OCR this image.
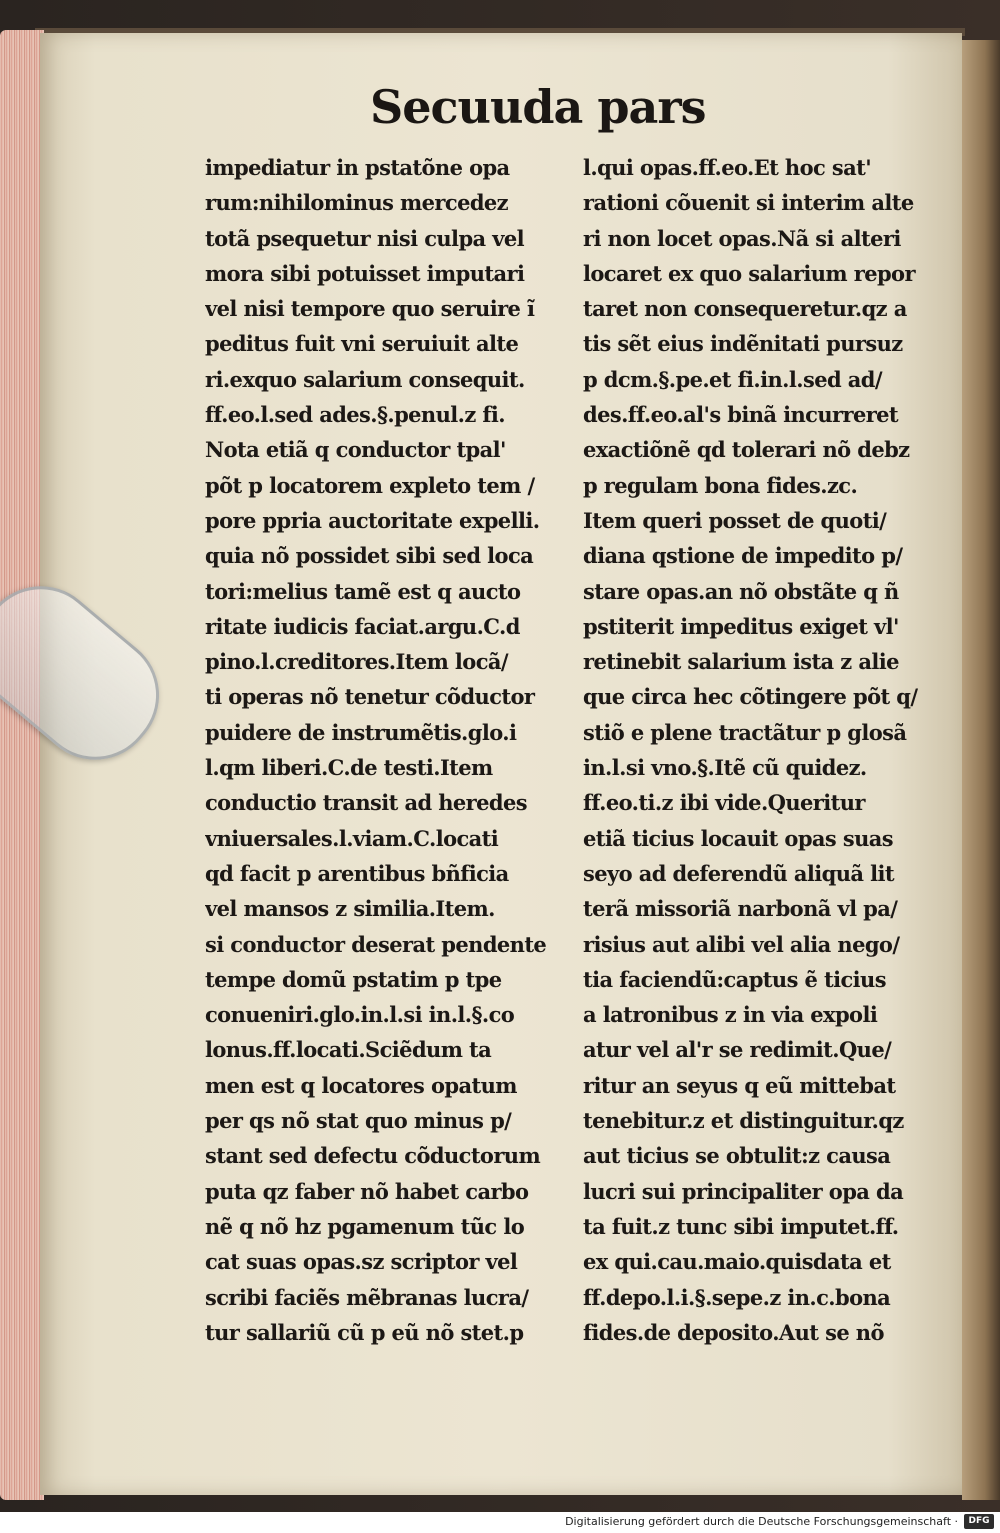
Secuuda pars
impediatur in pstatõne opa
rum:nihilominus mercedez
totã psequetur nisi culpa vel
mora sibi potuisset imputari
vel nisi tempore quo seruire ĩ
peditus fuit vni seruiuit alte
ri.exquo salarium consequit.
ff.eo.l.sed ades.§.penul.z fi.
Nota etiã q conductor tpal'
põt p locatorem expleto tem /
pore ppria auctoritate expelli.
quia nõ possidet sibi sed loca
tori:melius tamẽ est q aucto
ritate iudicis faciat.argu.C.d
pino.l.creditores.Item locã/
ti operas nõ tenetur cõductor
puidere de instrumẽtis.glo.i
l.qm liberi.C.de testi.Item
conductio transit ad heredes
vniuersales.l.viam.C.locati
qd facit p arentibus bñficia
vel mansos z similia.Item.
si conductor deserat pendente
tempe domũ pstatim p tpe
conueniri.glo.in.l.si in.l.§.co
lonus.ff.locati.Sciẽdum ta
men est q locatores opatum
per qs nõ stat quo minus p/
stant sed defectu cõductorum
puta qz faber nõ habet carbo
nẽ q nõ hz pgamenum tũc lo
cat suas opas.sz scriptor vel
scribi faciẽs mẽbranas lucra/
tur sallariũ cũ p eũ nõ stet.p
l.qui opas.ff.eo.Et hoc sat'
rationi cõuenit si interim alte
ri non locet opas.Nã si alteri
locaret ex quo salarium repor
taret non consequeretur.qz a
tis sẽt eius indẽnitati pursuz
p dcm.§.pe.et fi.in.l.sed ad/
des.ff.eo.al's binã incurreret
exactiõnẽ qd tolerari nõ debz
p regulam bona fides.zc.
Item queri posset de quoti/
diana qstione de impedito p/
stare opas.an nõ obstãte q ñ
pstiterit impeditus exiget vl'
retinebit salarium ista z alie
que circa hec cõtingere põt q/
stiõ e plene tractãtur p glosã
in.l.si vno.§.Itẽ cũ quidez.
ff.eo.ti.z ibi vide.Queritur
etiã ticius locauit opas suas
seyo ad deferendũ aliquã lit
terã missoriã narbonã vl pa/
risius aut alibi vel alia nego/
tia faciendũ:captus ẽ ticius
a latronibus z in via expoli
atur vel al'r se redimit.Que/
ritur an seyus q eũ mittebat
tenebitur.z et distinguitur.qz
aut ticius se obtulit:z causa
lucri sui principaliter opa da
ta fuit.z tunc sibi imputet.ff.
ex qui.cau.maio.quisdata et
ff.depo.l.i.§.sepe.z in.c.bona
fides.de deposito.Aut se nõ
Digitalisierung gefördert durch die Deutsche Forschungsgemeinschaft ·	DFG
